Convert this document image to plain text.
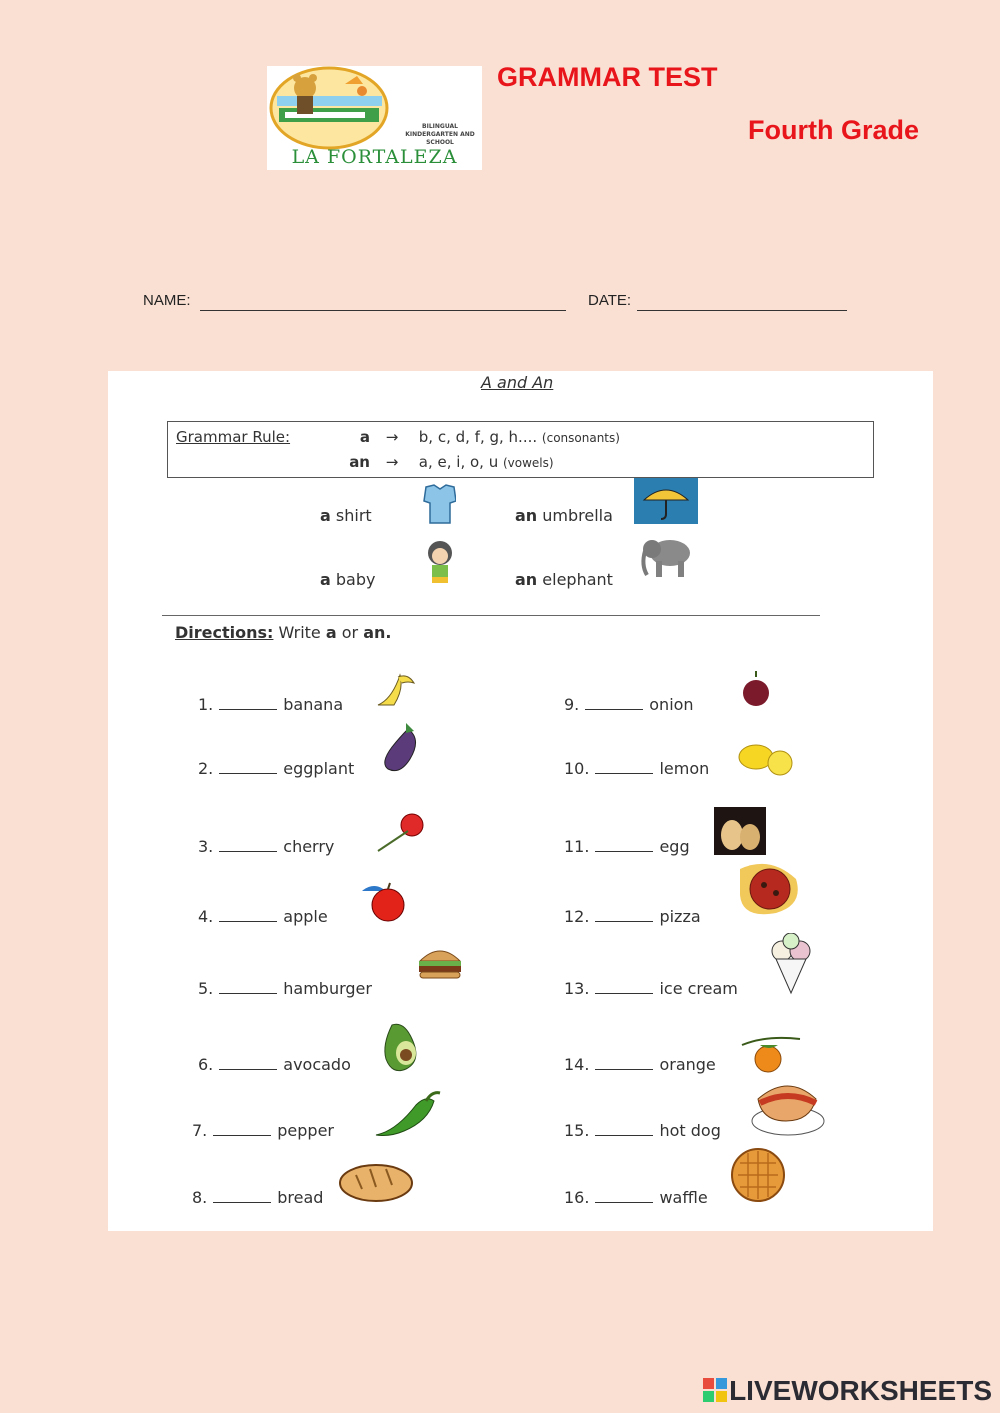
BILINGUAL KINDERGARTEN AND SCHOOL
LA FORTALEZA
GRAMMAR TEST
Fourth Grade
NAME:	DATE:
A and An
Grammar Rule:	a → b, c, d, f, g, h.... (consonants)
an → a, e, i, o, u (vowels)
a shirt	an umbrella
a baby	an elephant
Directions: Write a or an.
1.	banana
2.	eggplant
3.	cherry
4.	apple
5.	hamburger
6.	avocado
7.	pepper
8.	bread
9.	onion
10.	lemon
11.	egg
12.	pizza
13.	ice cream
14.	orange
15.	hot dog
16.	waffle
LIVEWORKSHEETS
